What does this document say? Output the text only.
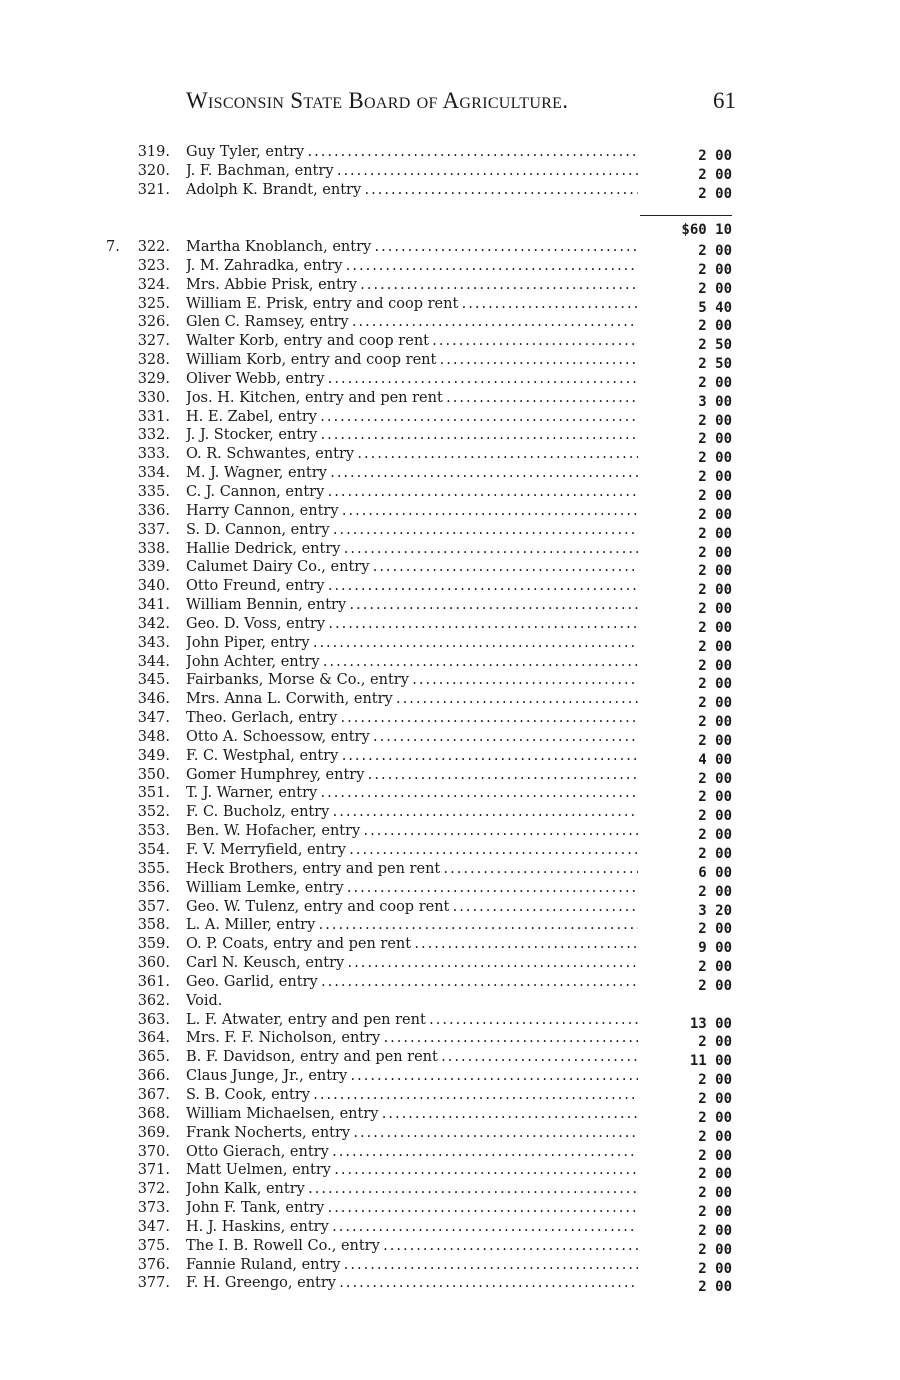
Wisconsin State Board of Agriculture.	61
319. Guy Tyler, entry . . .	2 00
320. J. F. Bachman, entry . . .	2 00
321. Adolph K. Brandt, entry . . .	2 00
$60 10
7.	322. Martha Knoblanch, entry . . .	2 00
323. J. M. Zahradka, entry . . .	2 00
324. Mrs. Abbie Prisk, entry . . .	2 00
325. William E. Prisk, entry and coop rent . . .	5 40
326. Glen C. Ramsey, entry . . .	2 00
327. Walter Korb, entry and coop rent . . .	2 50
328. William Korb, entry and coop rent . . .	2 50
329. Oliver Webb, entry . . .	2 00
330. Jos. H. Kitchen, entry and pen rent . . .	3 00
331. H. E. Zabel, entry . . .	2 00
332. J. J. Stocker, entry . . .	2 00
333. O. R. Schwantes, entry . . .	2 00
334. M. J. Wagner, entry . . .	2 00
335. C. J. Cannon, entry . . .	2 00
336. Harry Cannon, entry . . .	2 00
337. S. D. Cannon, entry . . .	2 00
338. Hallie Dedrick, entry . . .	2 00
339. Calumet Dairy Co., entry . . .	2 00
340. Otto Freund, entry . . .	2 00
341. William Bennin, entry . . .	2 00
342. Geo. D. Voss, entry . . .	2 00
343. John Piper, entry . . .	2 00
344. John Achter, entry . . .	2 00
345. Fairbanks, Morse & Co., entry . . .	2 00
346. Mrs. Anna L. Corwith, entry . . .	2 00
347. Theo. Gerlach, entry . . .	2 00
348. Otto A. Schoessow, entry . . .	2 00
349. F. C. Westphal, entry . . .	4 00
350. Gomer Humphrey, entry . . .	2 00
351. T. J. Warner, entry . . .	2 00
352. F. C. Bucholz, entry . . .	2 00
353. Ben. W. Hofacher, entry . . .	2 00
354. F. V. Merryfield, entry . . .	2 00
355. Heck Brothers, entry and pen rent . . .	6 00
356. William Lemke, entry . . .	2 00
357. Geo. W. Tulenz, entry and coop rent . . .	3 20
358. L. A. Miller, entry . . .	2 00
359. O. P. Coats, entry and pen rent . . .	9 00
360. Carl N. Keusch, entry . . .	2 00
361. Geo. Garlid, entry . . .	2 00
362. Void.
363. L. F. Atwater, entry and pen rent . . .	13 00
364. Mrs. F. F. Nicholson, entry . . .	2 00
365. B. F. Davidson, entry and pen rent . . .	11 00
366. Claus Junge, Jr., entry . . .	2 00
367. S. B. Cook, entry . . .	2 00
368. William Michaelsen, entry . . .	2 00
369. Frank Nocherts, entry . . .	2 00
370. Otto Gierach, entry . . .	2 00
371. Matt Uelmen, entry . . .	2 00
372. John Kalk, entry . . .	2 00
373. John F. Tank, entry . . .	2 00
347. H. J. Haskins, entry . . .	2 00
375. The I. B. Rowell Co., entry . . .	2 00
376. Fannie Ruland, entry . . .	2 00
377. F. H. Greengo, entry . . .	2 00
